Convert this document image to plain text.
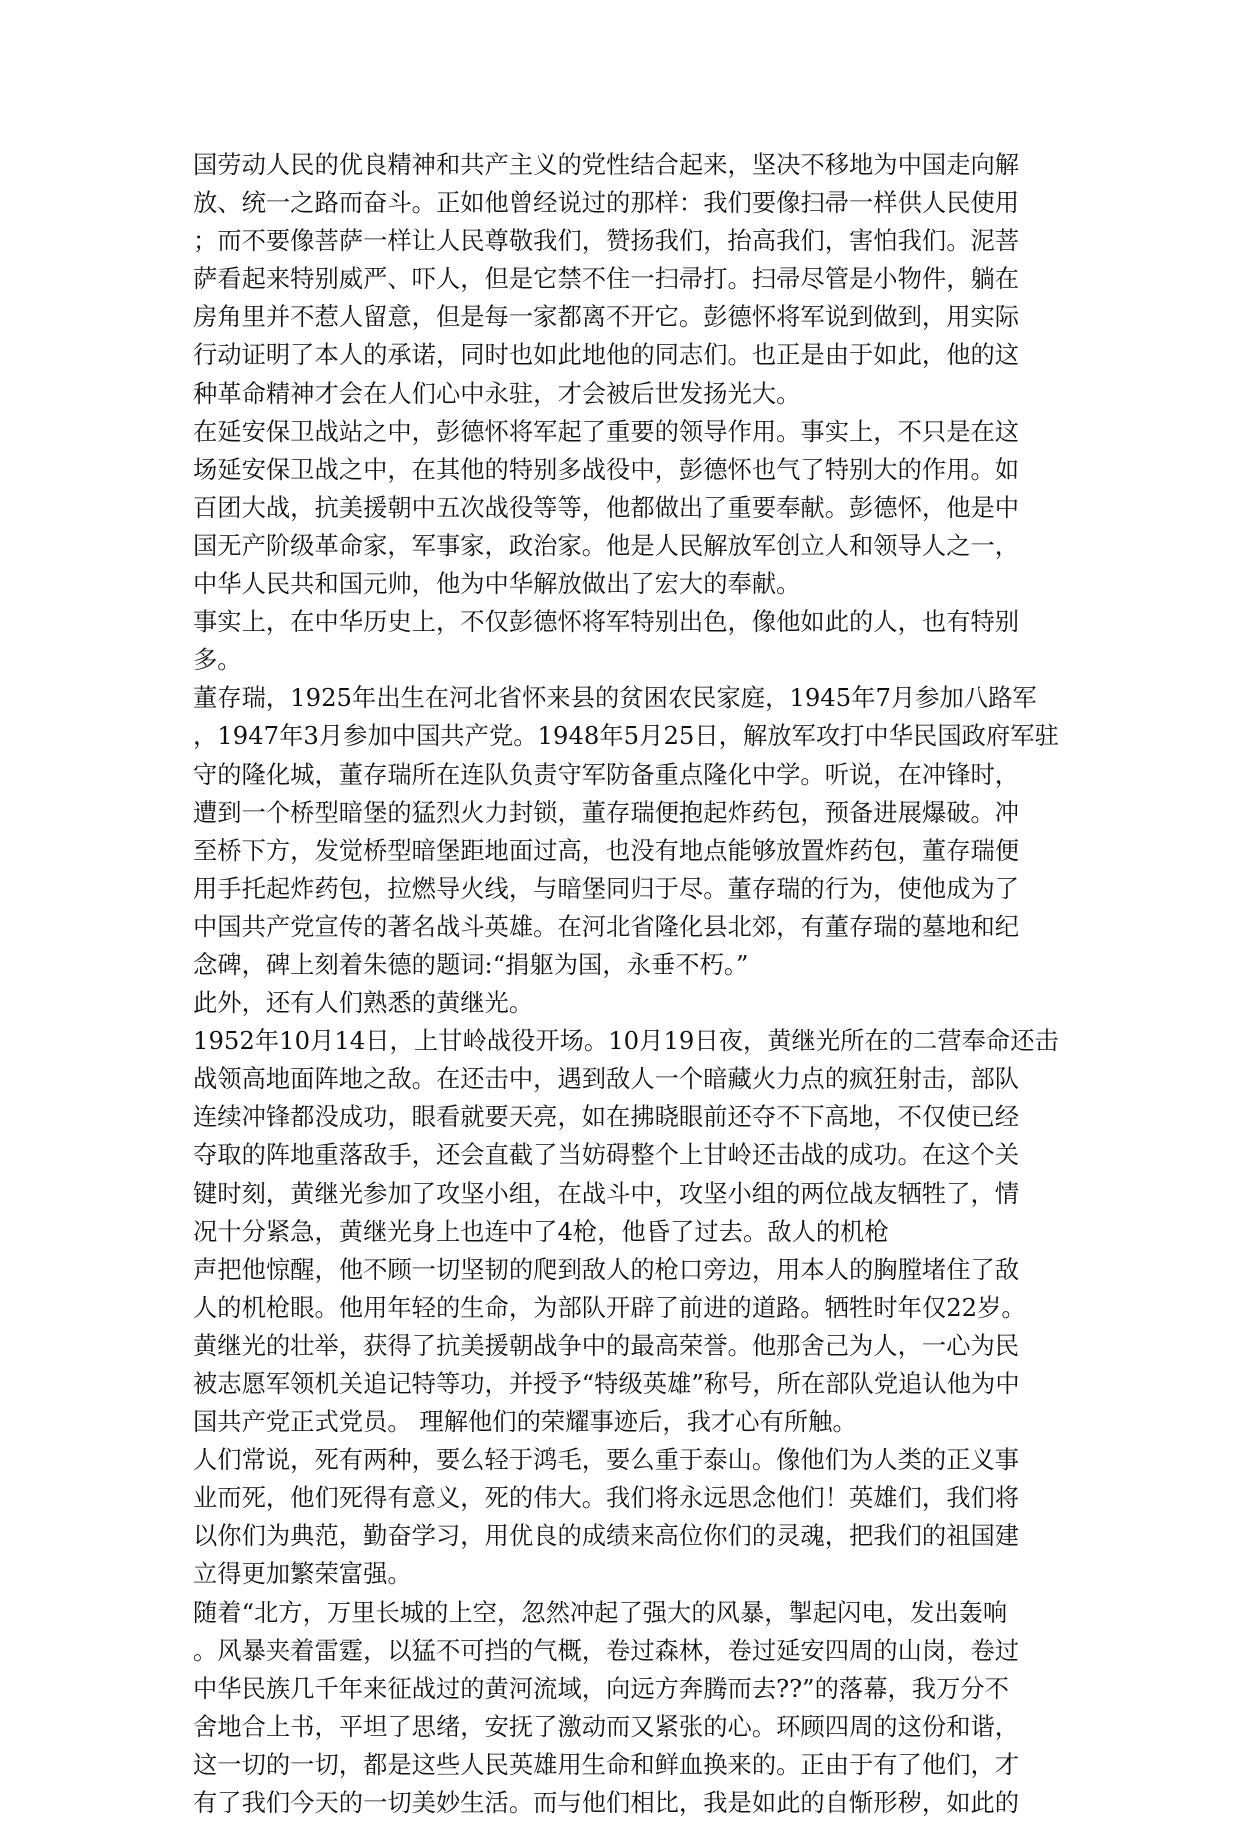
国劳动人民的优良精神和共产主义的党性结合起来，坚决不移地为中国走向解
放、统一之路而奋斗。正如他曾经说过的那样：我们要像扫帚一样供人民使用
；而不要像菩萨一样让人民尊敬我们，赞扬我们，抬高我们，害怕我们。泥菩
萨看起来特别威严、吓人，但是它禁不住一扫帚打。扫帚尽管是小物件，躺在
房角里并不惹人留意，但是每一家都离不开它。彭德怀将军说到做到，用实际
行动证明了本人的承诺，同时也如此地他的同志们。也正是由于如此，他的这
种革命精神才会在人们心中永驻，才会被后世发扬光大。
在延安保卫战站之中，彭德怀将军起了重要的领导作用。事实上，不只是在这
场延安保卫战之中，在其他的特别多战役中，彭德怀也气了特别大的作用。如
百团大战，抗美援朝中五次战役等等，他都做出了重要奉献。彭德怀，他是中
国无产阶级革命家，军事家，政治家。他是人民解放军创立人和领导人之一，
中华人民共和国元帅，他为中华解放做出了宏大的奉献。
事实上，在中华历史上，不仅彭德怀将军特别出色，像他如此的人，也有特别
多。
董存瑞，1925年出生在河北省怀来县的贫困农民家庭，1945年7月参加八路军
，1947年3月参加中国共产党。1948年5月25日，解放军攻打中华民国政府军驻
守的隆化城，董存瑞所在连队负责守军防备重点隆化中学。听说，在冲锋时，
遭到一个桥型暗堡的猛烈火力封锁，董存瑞便抱起炸药包，预备进展爆破。冲
至桥下方，发觉桥型暗堡距地面过高，也没有地点能够放置炸药包，董存瑞便
用手托起炸药包，拉燃导火线，与暗堡同归于尽。董存瑞的行为，使他成为了
中国共产党宣传的著名战斗英雄。在河北省隆化县北郊，有董存瑞的墓地和纪
念碑，碑上刻着朱德的题词:“捐躯为国，永垂不朽。”
此外，还有人们熟悉的黄继光。
1952年10月14日，上甘岭战役开场。10月19日夜，黄继光所在的二营奉命还击
战领高地面阵地之敌。在还击中，遇到敌人一个暗藏火力点的疯狂射击，部队
连续冲锋都没成功，眼看就要天亮，如在拂晓眼前还夺不下高地，不仅使已经
夺取的阵地重落敌手，还会直截了当妨碍整个上甘岭还击战的成功。在这个关
键时刻，黄继光参加了攻坚小组，在战斗中，攻坚小组的两位战友牺牲了，情
况十分紧急，黄继光身上也连中了4枪，他昏了过去。敌人的机枪
声把他惊醒，他不顾一切坚韧的爬到敌人的枪口旁边，用本人的胸膛堵住了敌
人的机枪眼。他用年轻的生命，为部队开辟了前进的道路。牺牲时年仅22岁。
黄继光的壮举，获得了抗美援朝战争中的最高荣誉。他那舍己为人，一心为民
被志愿军领机关追记特等功，并授予“特级英雄”称号，所在部队党追认他为中
国共产党正式党员。 理解他们的荣耀事迹后，我才心有所触。
人们常说，死有两种，要么轻于鸿毛，要么重于泰山。像他们为人类的正义事
业而死，他们死得有意义，死的伟大。我们将永远思念他们！英雄们，我们将
以你们为典范，勤奋学习，用优良的成绩来高位你们的灵魂，把我们的祖国建
立得更加繁荣富强。
随着“北方，万里长城的上空，忽然冲起了强大的风暴，掣起闪电，发出轰响
。风暴夹着雷霆，以猛不可挡的气概，卷过森林，卷过延安四周的山岗，卷过
中华民族几千年来征战过的黄河流域，向远方奔腾而去??”的落幕，我万分不
舍地合上书，平坦了思绪，安抚了激动而又紧张的心。环顾四周的这份和谐，
这一切的一切，都是这些人民英雄用生命和鲜血换来的。正由于有了他们，才
有了我们今天的一切美妙生活。而与他们相比，我是如此的自惭形秽，如此的
